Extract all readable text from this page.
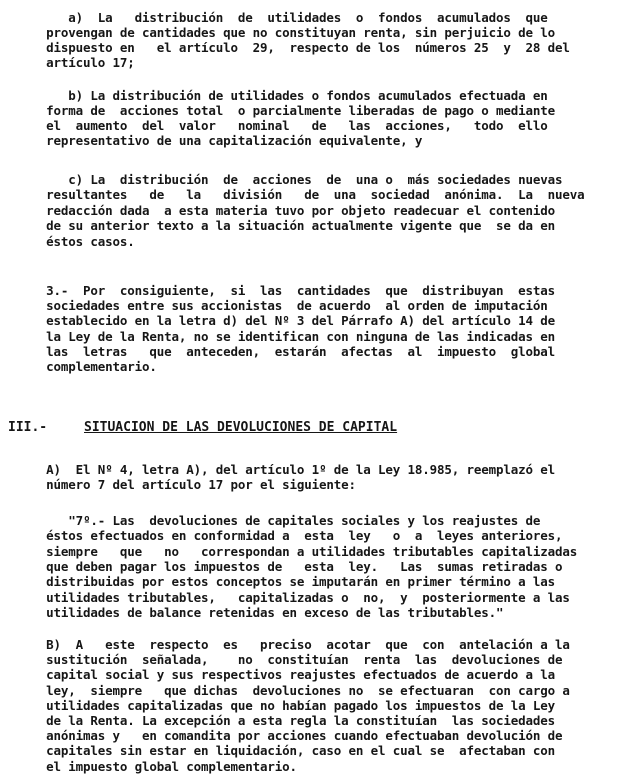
a)  La   distribución  de  utilidades  o  fondos  acumulados  que
provengan de cantidades que no constituyan renta, sin perjuicio de lo
dispuesto en   el artículo  29,  respecto de los  números 25  y  28 del
artículo 17;
b) La distribución de utilidades o fondos acumulados efectuada en
forma de  acciones total  o parcialmente liberadas de pago o mediante
el  aumento  del  valor   nominal   de   las  acciones,   todo  ello
representativo de una capitalización equivalente, y
c) La  distribución  de  acciones  de  una o  más sociedades nuevas
resultantes   de   la   división   de  una  sociedad  anónima.  La  nueva
redacción dada  a esta materia tuvo por objeto readecuar el contenido
de su anterior texto a la situación actualmente vigente que  se da en
éstos casos.
3.-  Por  consiguiente,  si  las  cantidades  que  distribuyan  estas
sociedades entre sus accionistas  de acuerdo  al orden de imputación
establecido en la letra d) del Nº 3 del Párrafo A) del artículo 14 de
la Ley de la Renta, no se identifican con ninguna de las indicadas en
las  letras   que  anteceden,  estarán  afectas  al  impuesto  global
complementario.
A)  El Nº 4, letra A), del artículo 1º de la Ley 18.985, reemplazó el
número 7 del artículo 17 por el siguiente:
"7º.- Las  devoluciones de capitales sociales y los reajustes de
éstos efectuados en conformidad a  esta  ley   o  a  leyes anteriores,
siempre   que   no   correspondan a utilidades tributables capitalizadas
que deben pagar los impuestos de   esta  ley.   Las  sumas retiradas o
distribuidas por estos conceptos se imputarán en primer término a las
utilidades tributables,   capitalizadas o  no,  y  posteriormente a las
utilidades de balance retenidas en exceso de las tributables."
B)  A   este  respecto  es   preciso  acotar  que  con  antelación a la
sustitución  señalada,    no  constituían  renta  las  devoluciones de
capital social y sus respectivos reajustes efectuados de acuerdo a la
ley,  siempre   que dichas  devoluciones no  se efectuaran  con cargo a
utilidades capitalizadas que no habían pagado los impuestos de la Ley
de la Renta. La excepción a esta regla la constituían  las sociedades
anónimas y   en comandita por acciones cuando efectuaban devolución de
capitales sin estar en liquidación, caso en el cual se  afectaban con
el impuesto global complementario.
III.-	SITUACION DE LAS DEVOLUCIONES DE CAPITAL
